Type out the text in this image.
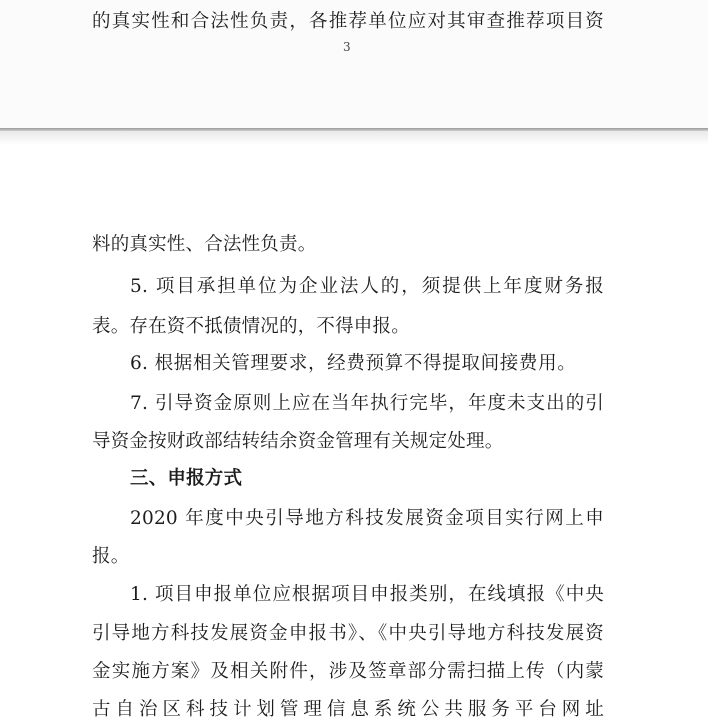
的真实性和合法性负责，各推荐单位应对其审查推荐项目资
3
料的真实性、合法性负责。
5. 项目承担单位为企业法人的，须提供上年度财务报
表。存在资不抵债情况的，不得申报。
6. 根据相关管理要求，经费预算不得提取间接费用。
7. 引导资金原则上应在当年执行完毕，年度未支出的引
导资金按财政部结转结余资金管理有关规定处理。
三、申报方式
2020 年度中央引导地方科技发展资金项目实行网上申
报。
1. 项目申报单位应根据项目申报类别，在线填报《中央
引导地方科技发展资金申报书》、《中央引导地方科技发展资
金实施方案》及相关附件，涉及签章部分需扫描上传（内蒙
古自治区科技计划管理信息系统公共服务平台网址
